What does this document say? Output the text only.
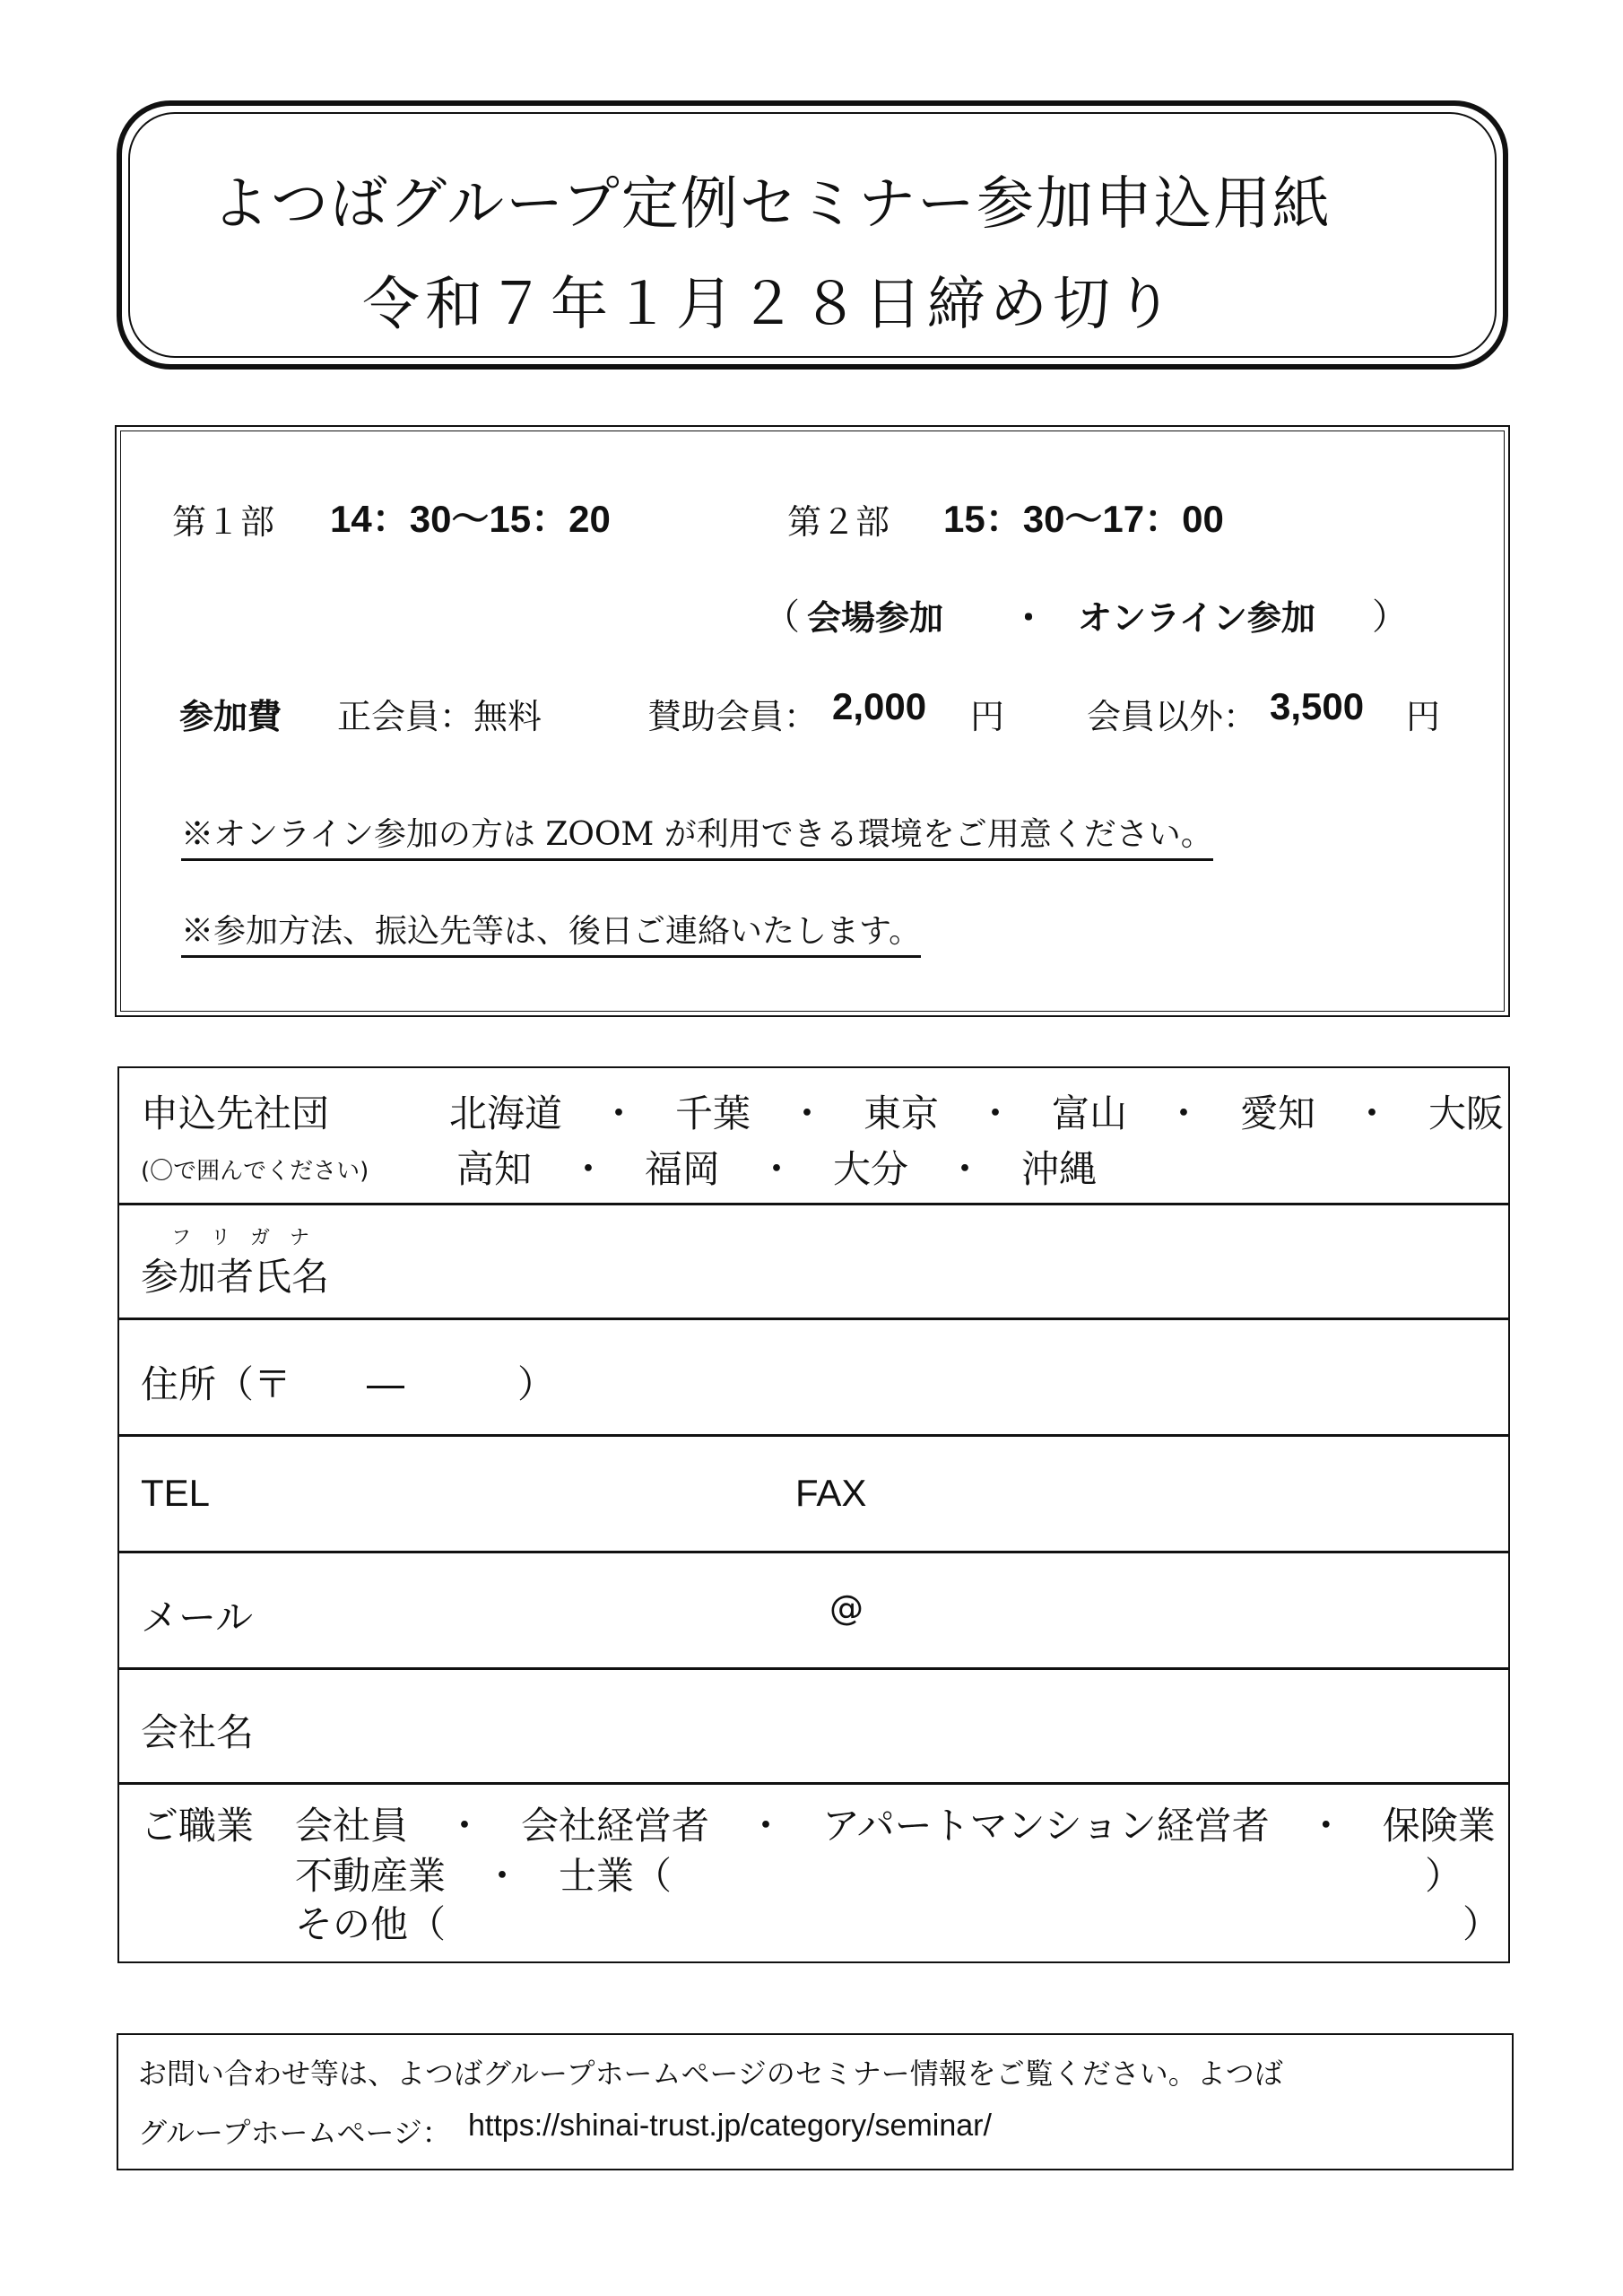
よつばグループ定例セミナー参加申込用紙
令和７年１月２８日締め切り
第１部 14：30～15：20	第２部 15：30～17：00
（ 会場参加 ・ オンライン参加 ）
参加費 正会員：無料	賛助会員： 2,000 円 会員以外： 3,500 円
※オンライン参加の方は ZOOM が利用できる環境をご用意ください。
※参加方法、振込先等は、後日ご連絡いたします。
申込先社団
(〇で囲んでください)
北海道　・　千葉　・　東京　・　富山　・　愛知　・　大阪
高知　・　福岡　・　大分　・　沖縄
フ　リ　ガ　ナ
参加者氏名
住所（〒　　―　　　）
TEL	FAX
メール	@
会社名
ご職業 会社員　・　会社経営者　・　アパートマンション経営者　・　保険業
不動産業　・　士業（　　　　　　　　　　　　　　　　　　　　）
その他（　　　　　　　　　　　　　　　　　　　　　　　　　　　）
お問い合わせ等は、よつばグループホームページのセミナー情報をご覧ください。よつば
グループホームページ： https://shinai-trust.jp/category/seminar/
